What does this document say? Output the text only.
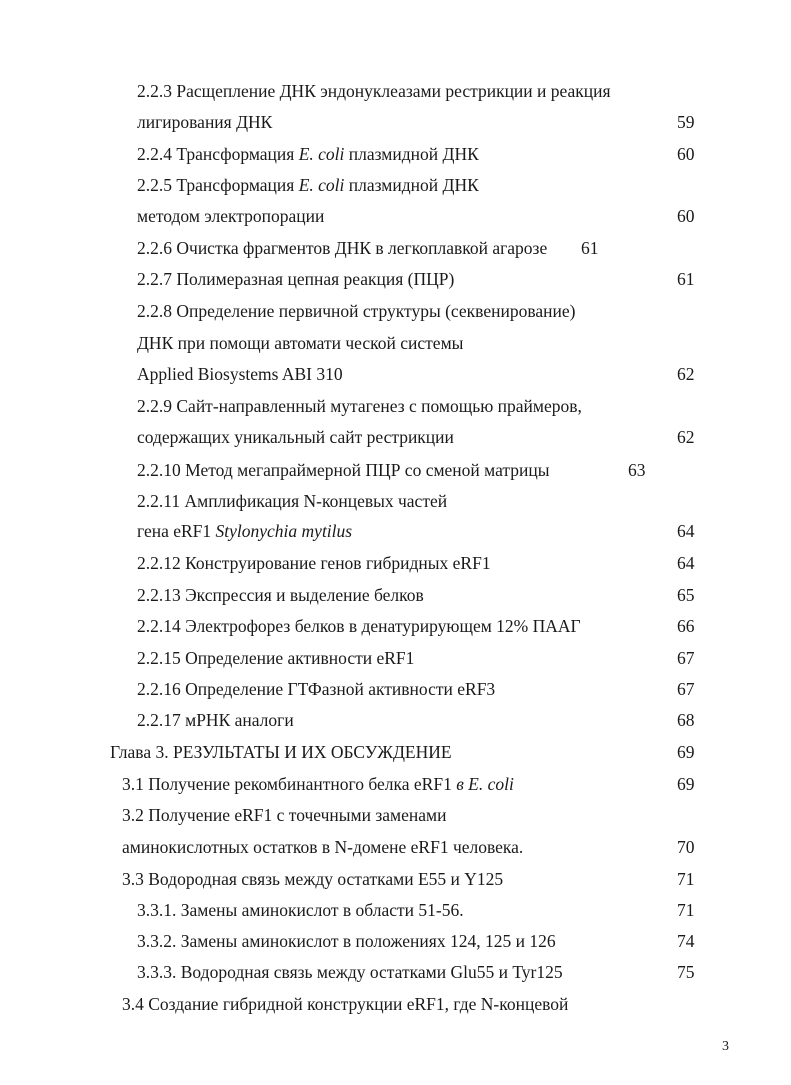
2.2.3 Расщепление ДНК эндонуклеазами рестрикции и реакция
лигирования ДНК	59
2.2.4 Трансформация E. coli плазмидной ДНК	60
2.2.5 Трансформация E. coli плазмидной ДНК
методом электропорации	60
2.2.6 Очистка фрагментов ДНК в легкоплавкой агарозе 61
2.2.7 Полимеразная цепная реакция (ПЦР)	61
2.2.8 Определение первичной структуры (секвенирование)
ДНК при помощи автомати ческой системы
Applied Biosystems ABI 310	62
2.2.9 Сайт-направленный мутагенез с помощью праймеров,
содержащих уникальный сайт рестрикции	62
2.2.10 Метод мегапраймерной ПЦР со сменой матрицы	63
2.2.11 Амплификация N-концевых частей
гена eRF1 Stylonychia mytilus	64
2.2.12 Конструирование генов гибридных eRF1	64
2.2.13 Экспрессия и выделение белков	65
2.2.14 Электрофорез белков в денатурирующем 12% ПААГ	66
2.2.15 Определение активности eRF1	67
2.2.16 Определение ГТФазной активности eRF3	67
2.2.17 мРНК аналоги	68
Глава 3. РЕЗУЛЬТАТЫ И ИХ ОБСУЖДЕНИЕ	69
3.1 Получение рекомбинантного белка eRF1 в E. coli	69
3.2 Получение eRF1 с точечными заменами
аминокислотных остатков в N-домене eRF1 человека.	70
3.3 Водородная связь между остатками E55 и Y125	71
3.3.1. Замены аминокислот в области 51-56.	71
3.3.2. Замены аминокислот в положениях 124, 125 и 126	74
3.3.3. Водородная связь между остатками Glu55 и Tyr125	75
3.4 Создание гибридной конструкции eRF1, где N-концевой
3
